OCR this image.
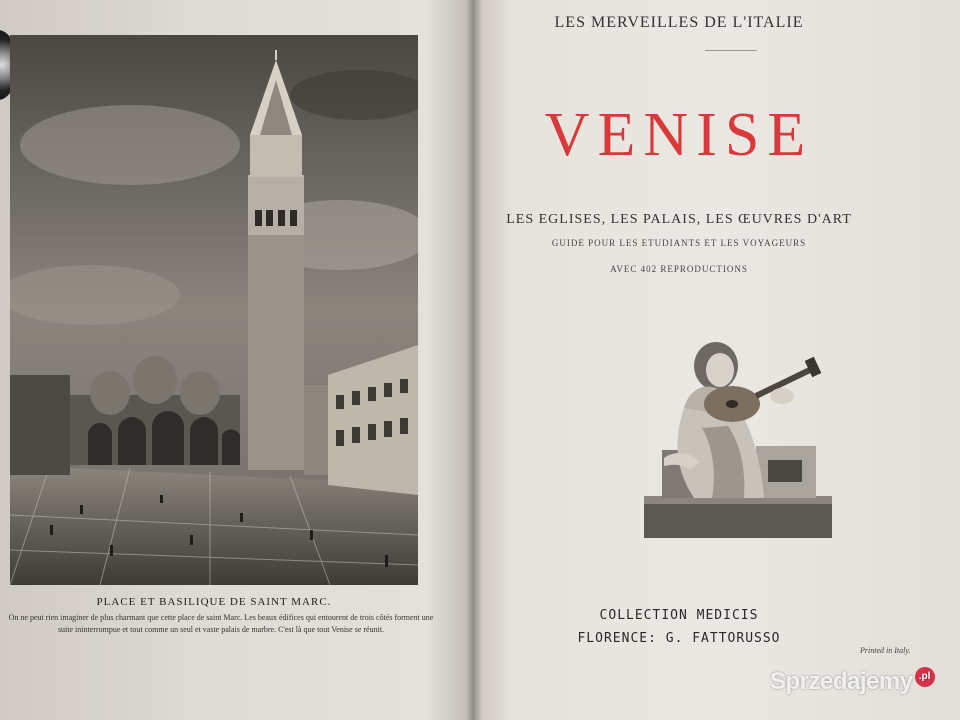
PLACE ET BASILIQUE DE SAINT MARC.
On ne peut rien imaginer de plus charmant que cette place de saint Marc. Les beaux édifices qui entourent de trois côtés forment une suite ininterrompue et tout comme un seul et vaste palais de marbre. C'est là que tout Venise se réunit.
LES MERVEILLES DE L'ITALIE
VENISE
LES EGLISES, LES PALAIS, LES ŒUVRES D'ART
GUIDE POUR LES ETUDIANTS ET LES VOYAGEURS
AVEC 402 REPRODUCTIONS
COLLECTION MEDICIS
FLORENCE: G. FATTORUSSO
Printed in Italy.
Sprzedajemy .pl
